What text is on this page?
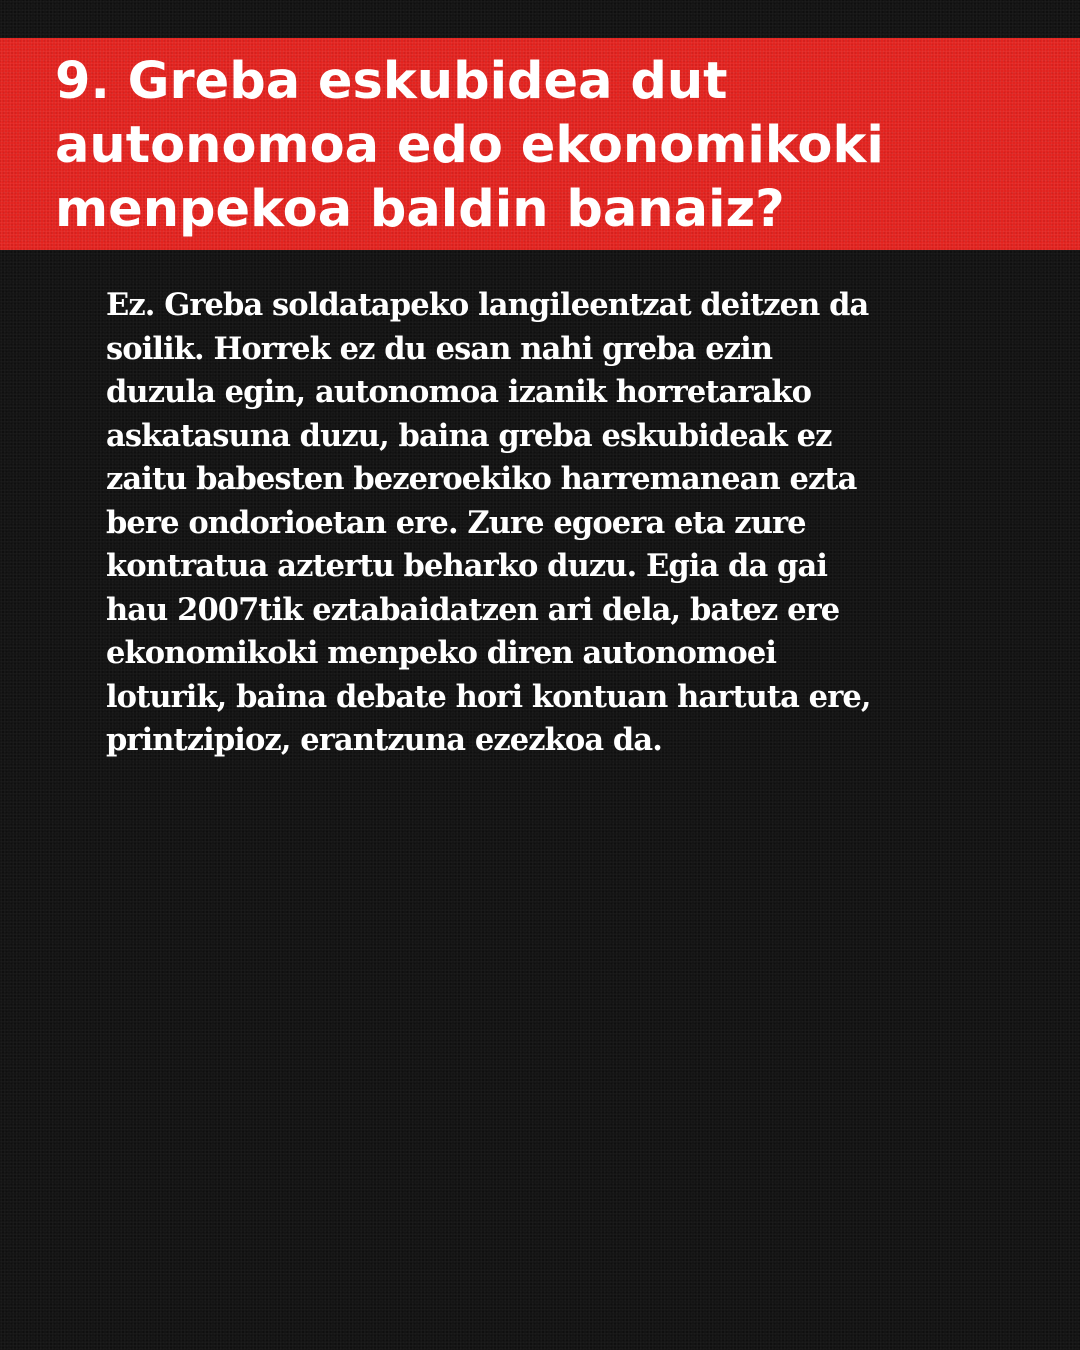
9. Greba eskubidea dut
autonomoa edo ekonomikoki
menpekoa baldin banaiz?

Ez. Greba soldatapeko langileentzat deitzen da
soilik. Horrek ez du esan nahi greba ezin
duzula egin, autonomoa izanik horretarako
askatasuna duzu, baina greba eskubideak ez
zaitu babesten bezeroekiko harremanean ezta
bere ondorioetan ere. Zure egoera eta zure
kontratua aztertu beharko duzu. Egia da gai
hau 2007tik eztabaidatzen ari dela, batez ere
ekonomikoki menpeko diren autonomoei
loturik, baina debate hori kontuan hartuta ere,
printzipioz, erantzuna ezezkoa da.
